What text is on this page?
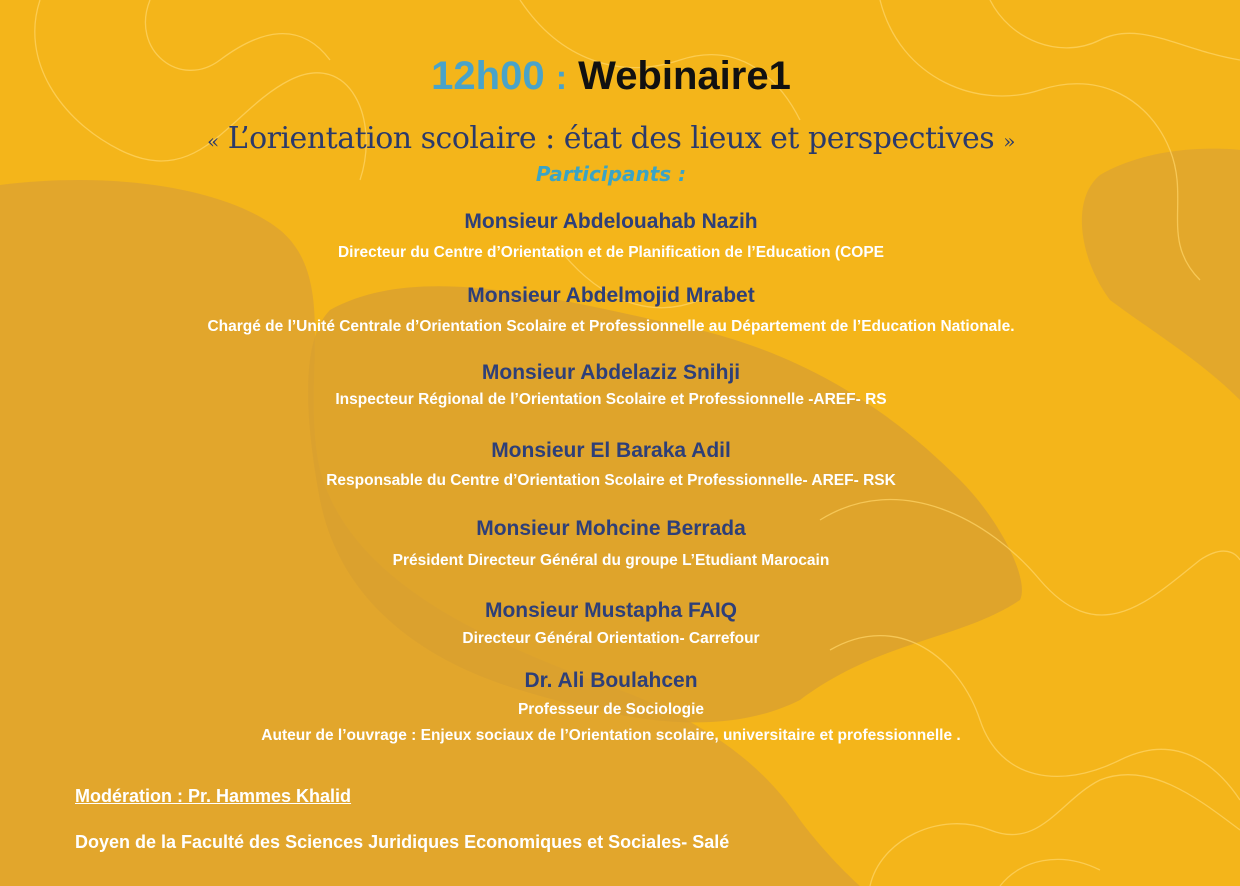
12h00 : Webinaire1
« L’orientation scolaire : état des lieux et perspectives »
Participants :
Monsieur Abdelouahab Nazih
Directeur du Centre d’Orientation et de Planification de l’Education (COPE
Monsieur Abdelmojid Mrabet
Chargé de l’Unité Centrale d’Orientation Scolaire et Professionnelle au Département de l’Education Nationale.
Monsieur Abdelaziz Snihji
Inspecteur Régional de l’Orientation Scolaire et Professionnelle -AREF- RS
Monsieur El Baraka Adil
Responsable du Centre d’Orientation Scolaire et Professionnelle- AREF- RSK
Monsieur Mohcine Berrada
Président Directeur Général du groupe L’Etudiant Marocain
Monsieur Mustapha FAIQ
Directeur Général Orientation- Carrefour
Dr. Ali Boulahcen
Professeur de Sociologie
Auteur de l’ouvrage : Enjeux sociaux de l’Orientation scolaire, universitaire et professionnelle .
Modération : Pr. Hammes Khalid
Doyen de la Faculté des Sciences Juridiques Economiques et Sociales- Salé
